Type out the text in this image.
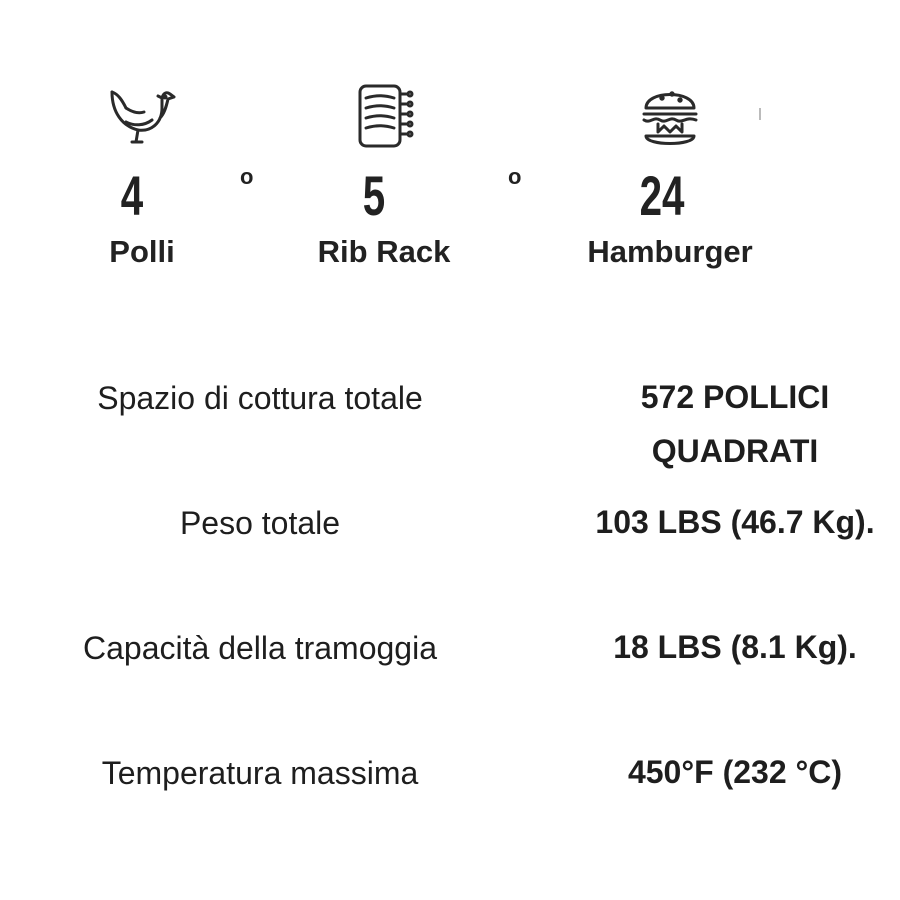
4	5	24
o	o
Polli	Rib Rack	Hamburger
Spazio di cottura totale	572 POLLICI QUADRATI
Peso totale	103 LBS (46.7 Kg).
Capacità della tramoggia	18 LBS (8.1 Kg).
Temperatura massima	450°F (232 °C)
